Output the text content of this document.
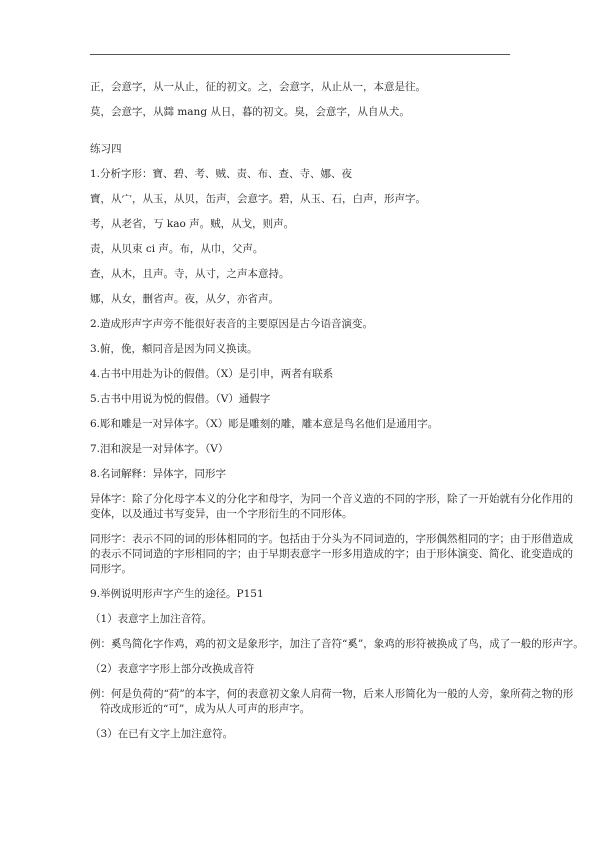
正，会意字，从一从止，征的初文。之，会意字，从止从一，本意是往。

莫，会意字，从茻 mang 从日，暮的初文。臭，会意字，从自从犬。

练习四

1.分析字形：寶、碧、考、贼、责、布、查、寺、娜、夜

寶，从宀，从玉，从贝，缶声，会意字。碧，从玉、石，白声，形声字。

考，从老省，丂 kao 声。贼，从戈，则声。

责，从贝束 ci 声。布，从巾，父声。

查，从木，且声。寺，从寸，之声本意持。

娜，从女，删省声。夜，从夕，亦省声。

2.造成形声字声旁不能很好表音的主要原因是古今语音演变。

3.俯，俛，頫同音是因为同义换读。

4.古书中用赴为讣的假借。（X）是引申，两者有联系

5.古书中用说为悦的假借。（V）通假字

6.彫和雕是一对异体字。（X）彫是雕刻的雕，雕本意是鸟名他们是通用字。

7.泪和淚是一对异体字。（V）

8.名词解释：异体字，同形字

异体字：除了分化母字本义的分化字和母字，为同一个音义造的不同的字形，除了一开始就有分化作用的
变体，以及通过书写变异，由一个字形衍生的不同形体。

同形字：表示不同的词的形体相同的字。包括由于分头为不同词造的，字形偶然相同的字；由于形借造成
的表示不同词造的字形相同的字；由于早期表意字一形多用造成的字；由于形体演变、简化、讹变造成的
同形字。

9.举例说明形声字产生的途径。P151

（1）表意字上加注音符。

例：奚鸟简化字作鸡，鸡的初文是象形字，加注了音符“奚”，象鸡的形符被换成了鸟，成了一般的形声字。

（2）表意字字形上部分改换成音符

例：何是负荷的“荷”的本字，何的表意初文象人肩荷一物，后来人形简化为一般的人旁，象所荷之物的形
符改成形近的“可”，成为从人可声的形声字。

（3）在已有文字上加注意符。
